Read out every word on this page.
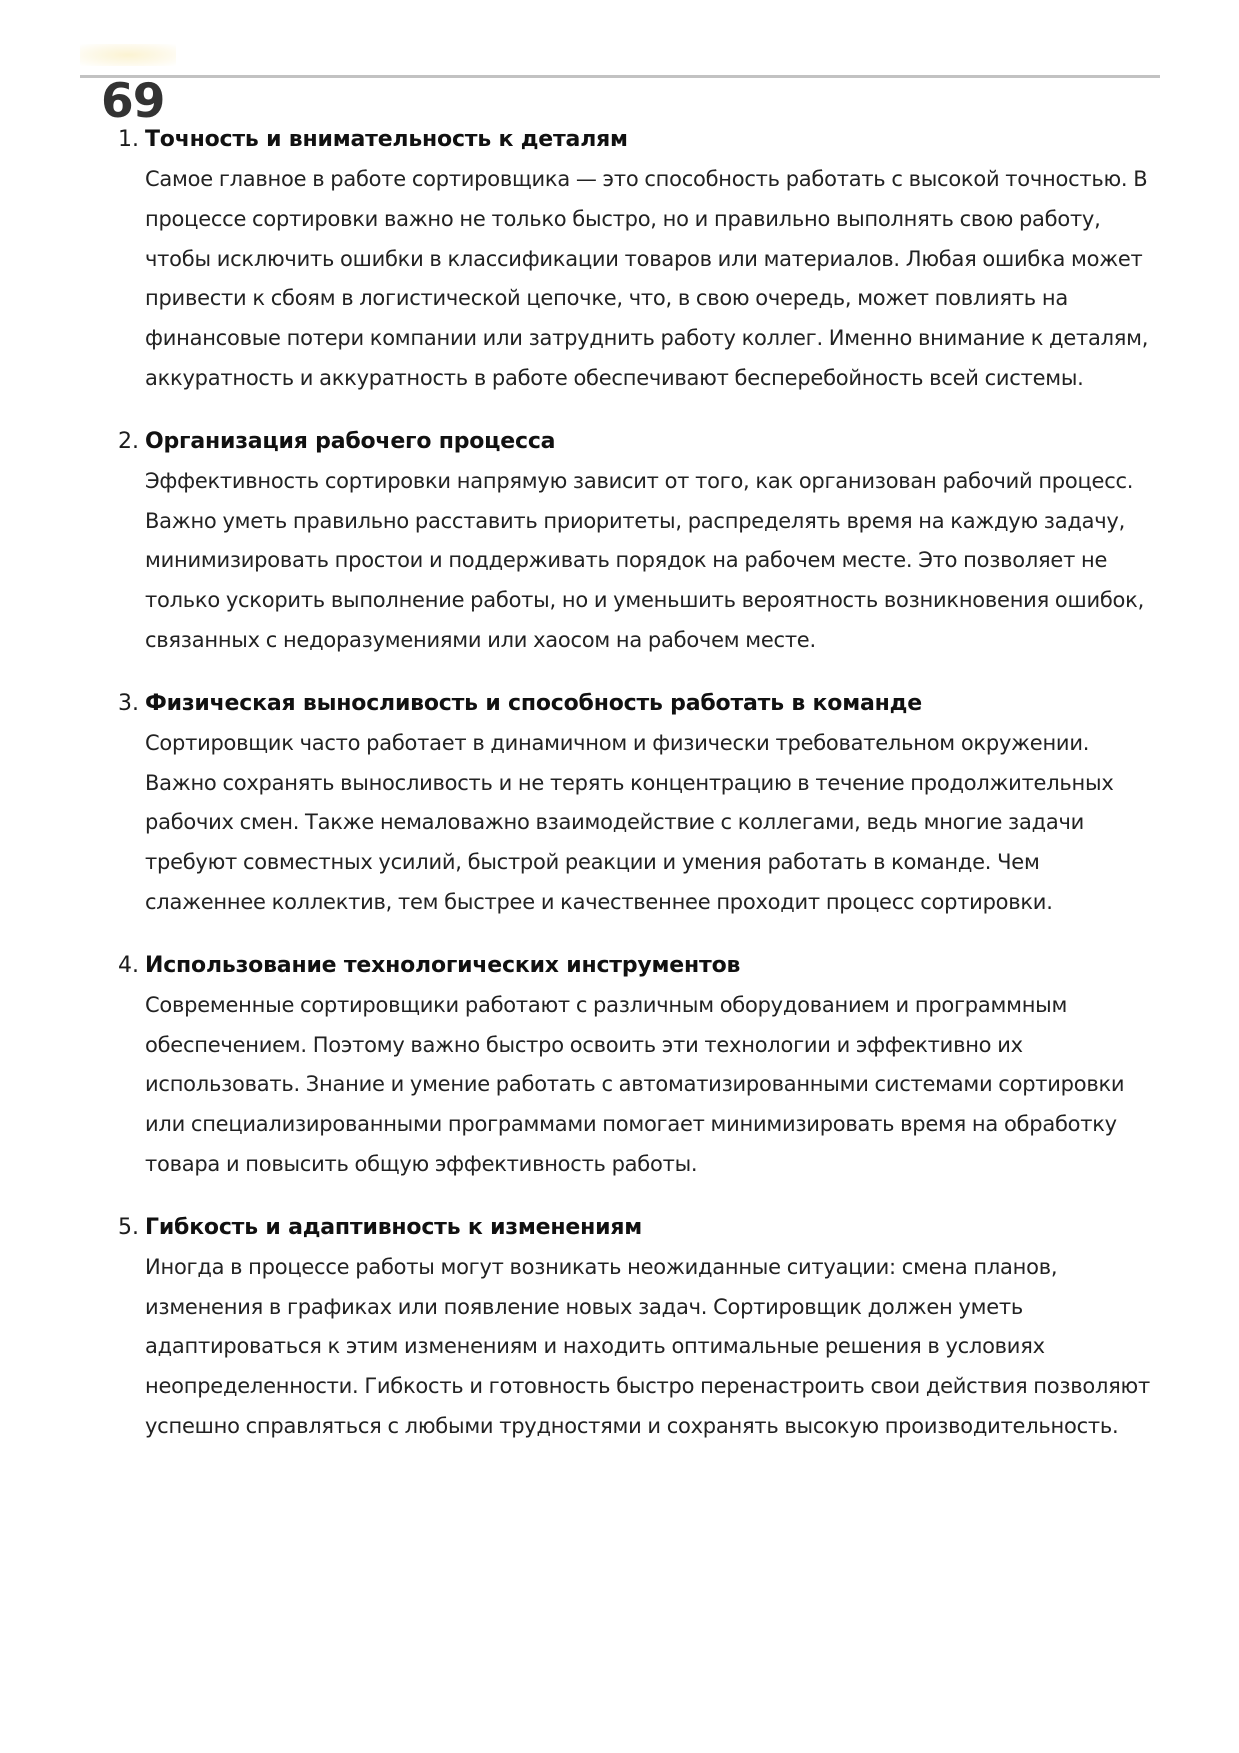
69
1. Точность и внимательность к деталям
Самое главное в работе сортировщика — это способность работать с высокой точностью. В процессе сортировки важно не только быстро, но и правильно выполнять свою работу, чтобы исключить ошибки в классификации товаров или материалов. Любая ошибка может привести к сбоям в логистической цепочке, что, в свою очередь, может повлиять на финансовые потери компании или затруднить работу коллег. Именно внимание к деталям, аккуратность и аккуратность в работе обеспечивают бесперебойность всей системы.
2. Организация рабочего процесса
Эффективность сортировки напрямую зависит от того, как организован рабочий процесс. Важно уметь правильно расставить приоритеты, распределять время на каждую задачу, минимизировать простои и поддерживать порядок на рабочем месте. Это позволяет не только ускорить выполнение работы, но и уменьшить вероятность возникновения ошибок, связанных с недоразумениями или хаосом на рабочем месте.
3. Физическая выносливость и способность работать в команде
Сортировщик часто работает в динамичном и физически требовательном окружении. Важно сохранять выносливость и не терять концентрацию в течение продолжительных рабочих смен. Также немаловажно взаимодействие с коллегами, ведь многие задачи требуют совместных усилий, быстрой реакции и умения работать в команде. Чем слаженнее коллектив, тем быстрее и качественнее проходит процесс сортировки.
4. Использование технологических инструментов
Современные сортировщики работают с различным оборудованием и программным обеспечением. Поэтому важно быстро освоить эти технологии и эффективно их использовать. Знание и умение работать с автоматизированными системами сортировки или специализированными программами помогает минимизировать время на обработку товара и повысить общую эффективность работы.
5. Гибкость и адаптивность к изменениям
Иногда в процессе работы могут возникать неожиданные ситуации: смена планов, изменения в графиках или появление новых задач. Сортировщик должен уметь адаптироваться к этим изменениям и находить оптимальные решения в условиях неопределенности. Гибкость и готовность быстро перенастроить свои действия позволяют успешно справляться с любыми трудностями и сохранять высокую производительность.
